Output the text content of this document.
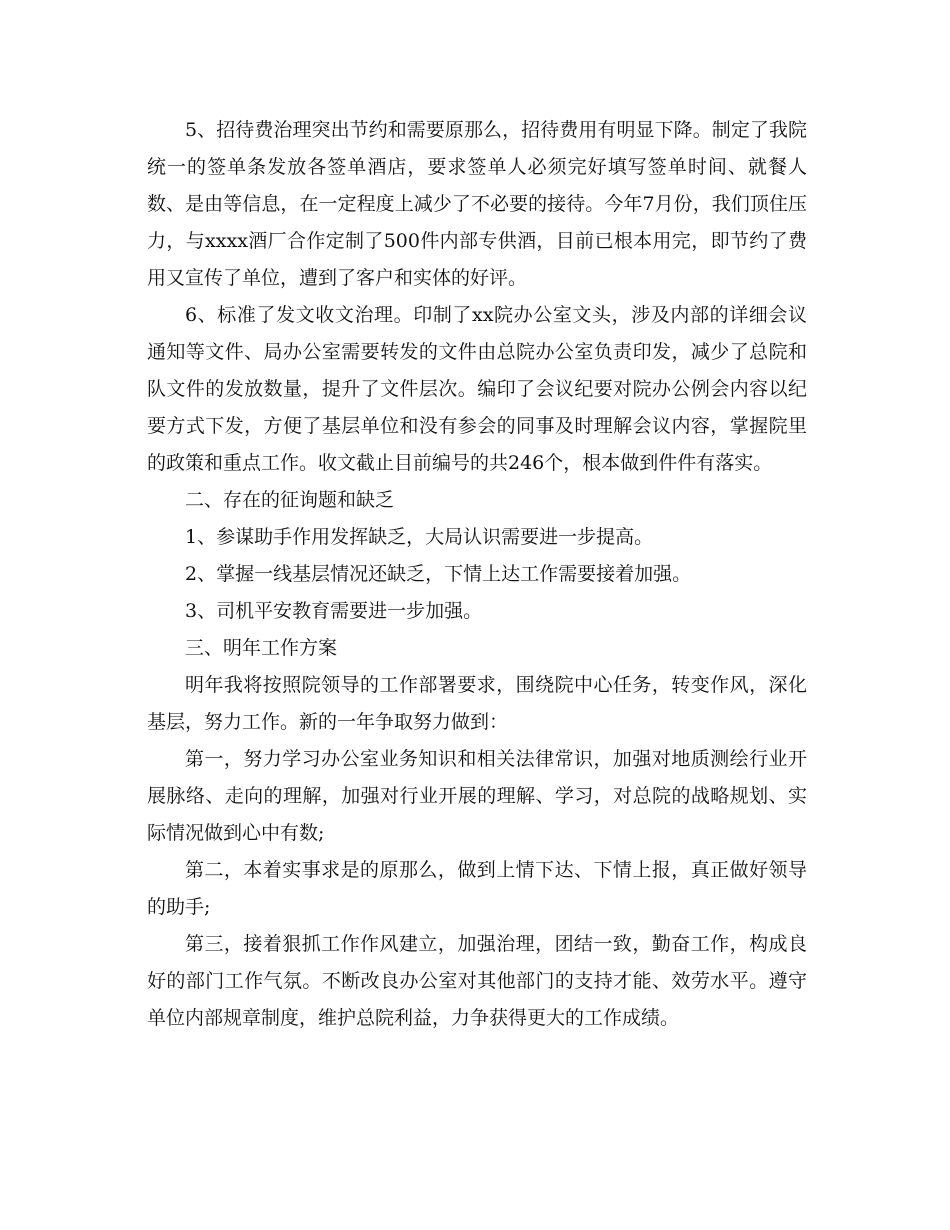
5、招待费治理突出节约和需要原那么，招待费用有明显下降。制定了我院统一的签单条发放各签单酒店，要求签单人必须完好填写签单时间、就餐人数、是由等信息，在一定程度上减少了不必要的接待。今年7月份，我们顶住压力，与xxxx酒厂合作定制了500件内部专供酒，目前已根本用完，即节约了费用又宣传了单位，遭到了客户和实体的好评。

6、标准了发文收文治理。印制了xx院办公室文头，涉及内部的详细会议通知等文件、局办公室需要转发的文件由总院办公室负责印发，减少了总院和队文件的发放数量，提升了文件层次。编印了会议纪要对院办公例会内容以纪要方式下发，方便了基层单位和没有参会的同事及时理解会议内容，掌握院里的政策和重点工作。收文截止目前编号的共246个，根本做到件件有落实。

二、存在的征询题和缺乏

1、参谋助手作用发挥缺乏，大局认识需要进一步提高。

2、掌握一线基层情况还缺乏，下情上达工作需要接着加强。

3、司机平安教育需要进一步加强。

三、明年工作方案

明年我将按照院领导的工作部署要求，围绕院中心任务，转变作风，深化基层，努力工作。新的一年争取努力做到：

第一，努力学习办公室业务知识和相关法律常识，加强对地质测绘行业开展脉络、走向的理解，加强对行业开展的理解、学习，对总院的战略规划、实际情况做到心中有数;

第二，本着实事求是的原那么，做到上情下达、下情上报，真正做好领导的助手;

第三，接着狠抓工作作风建立，加强治理，团结一致，勤奋工作，构成良好的部门工作气氛。不断改良办公室对其他部门的支持才能、效劳水平。遵守单位内部规章制度，维护总院利益，力争获得更大的工作成绩。
